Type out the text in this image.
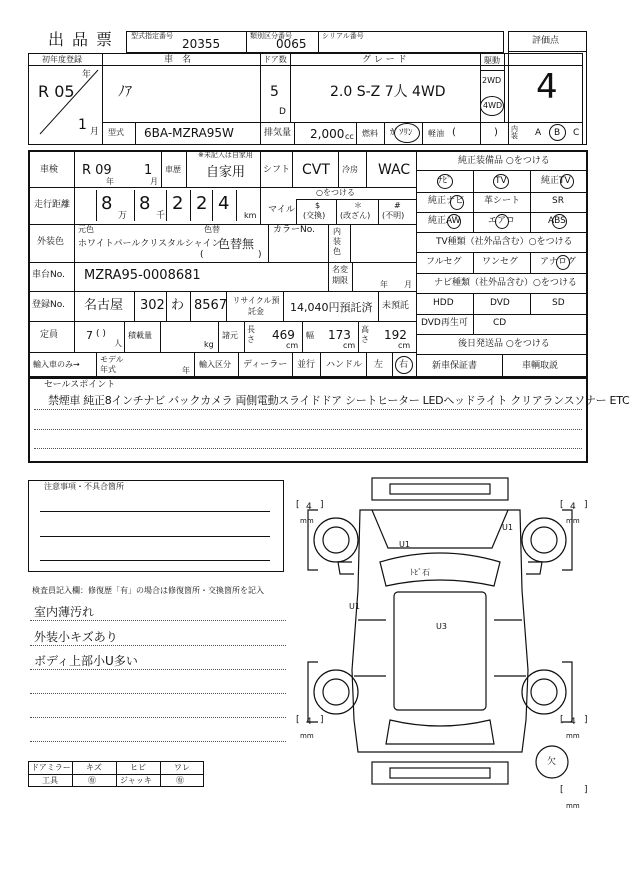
出品票 型式指定番号
20355
類別区分番号
0065
シリアル番号	評価点
4
初年度登録
R 05
年
1 月
車　名
ﾉｱ
ドア数
5
D
グ レ ー ド
2.0 S-Z 7人 4WD
駆動
2WD
4WD
型式 6BA-MZRA95W	排気量 2,000 cc 燃料 ｶﾞｿﾘﾝ 軽油 (	) 内装	A B C
車検 R 09
年
1
月
車歴
※未記入は自家用
自家用 シフト CVT 冷房 WAC
走行距離 8
万
8
千
2 2 4
km
○をつける
マイル	$
(交換)
＊
(改ざん)
#
(不明)
外装色
元色
ホワイトパールクリスタルシャイン
色替
色替無
(	)
カラーNo. 内装色
車台No. MZRA95-0008681	名変期限	年 月
登録No. 名古屋 302 わ 8567 リサイクル預託金	14,040円預託済 未預託
定員	7 ( )
人
積載量
kg
諸元
長さ 469
cm
幅 173
cm
高さ 192
cm
輸入車のみ→
モデル年式	年
輸入区分 ディーラー 並行 ハンドル 左 右
純正装備品 ○をつける
ﾅﾋﾞ	TV	純正TV
純正ナビ 革シート	SR
純正AW	エアロ	ABS
TV種類（社外品含む）○をつける
フルセグ ワンセグ アナログ
ナビ種類（社外品含む）○をつける
HDD	DVD	SD
DVD再生可	CD
後日発送品 ○をつける
新車保証書	車輌取説
セールスポイント
禁煙車 純正8インチナビ バックカメラ 両側電動スライドドア シートヒーター LEDヘッドライト クリアランスソナー ETC
注意事項・不具合箇所
検査員記入欄：修復歴「有」の場合は修復箇所・交換箇所を記入
室内薄汚れ
外装小キズあり
ボディ上部小U多い
ドアミラー キズ	ヒビ	ワレ
工具	㊒	ジャッキ	㊒
U1
U1
ﾄﾋﾞ石
U1
U3
欠
4
[ ]
mm
4
[ ]
mm
4
[ ]
mm
4
[ ]
mm
[ ]
mm
